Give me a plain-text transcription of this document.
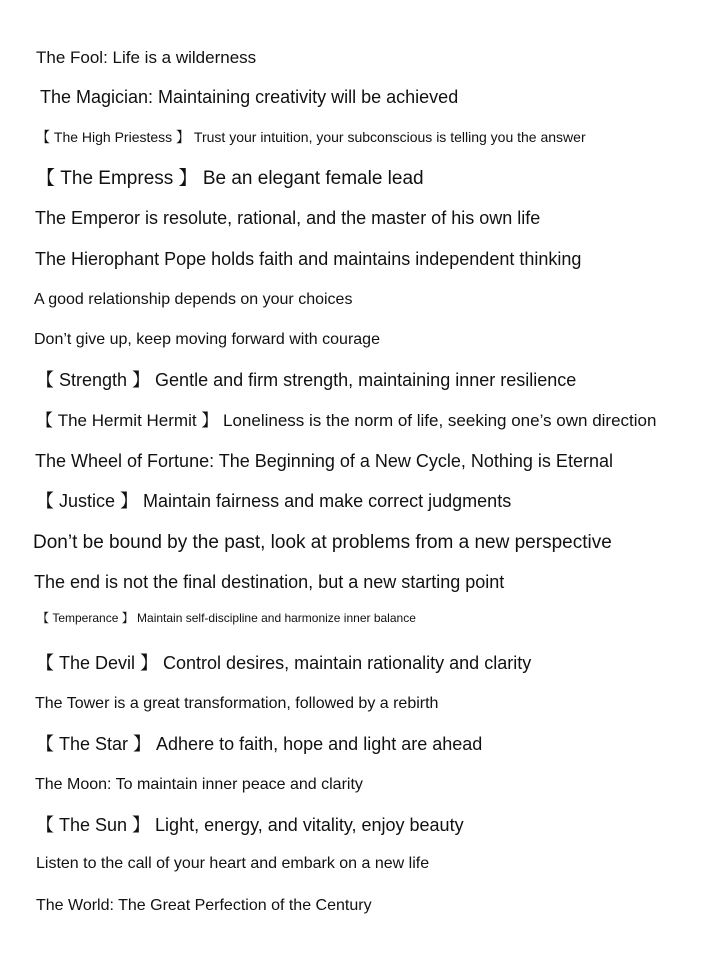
The Fool: Life is a wilderness
The Magician: Maintaining creativity will be achieved
【 The High Priestess 】 Trust your intuition, your subconscious is telling you the answer
【 The Empress 】 Be an elegant female lead
The Emperor is resolute, rational, and the master of his own life
The Hierophant Pope holds faith and maintains independent thinking
A good relationship depends on your choices
Don’t give up, keep moving forward with courage
【 Strength 】 Gentle and firm strength, maintaining inner resilience
【 The Hermit Hermit 】 Loneliness is the norm of life, seeking one’s own direction
The Wheel of Fortune: The Beginning of a New Cycle, Nothing is Eternal
【 Justice 】 Maintain fairness and make correct judgments
Don’t be bound by the past, look at problems from a new perspective
The end is not the final destination, but a new starting point
【 Temperance 】 Maintain self-discipline and harmonize inner balance
【 The Devil 】 Control desires, maintain rationality and clarity
The Tower is a great transformation, followed by a rebirth
【 The Star 】 Adhere to faith, hope and light are ahead
The Moon: To maintain inner peace and clarity
【 The Sun 】 Light, energy, and vitality, enjoy beauty
Listen to the call of your heart and embark on a new life
The World: The Great Perfection of the Century
